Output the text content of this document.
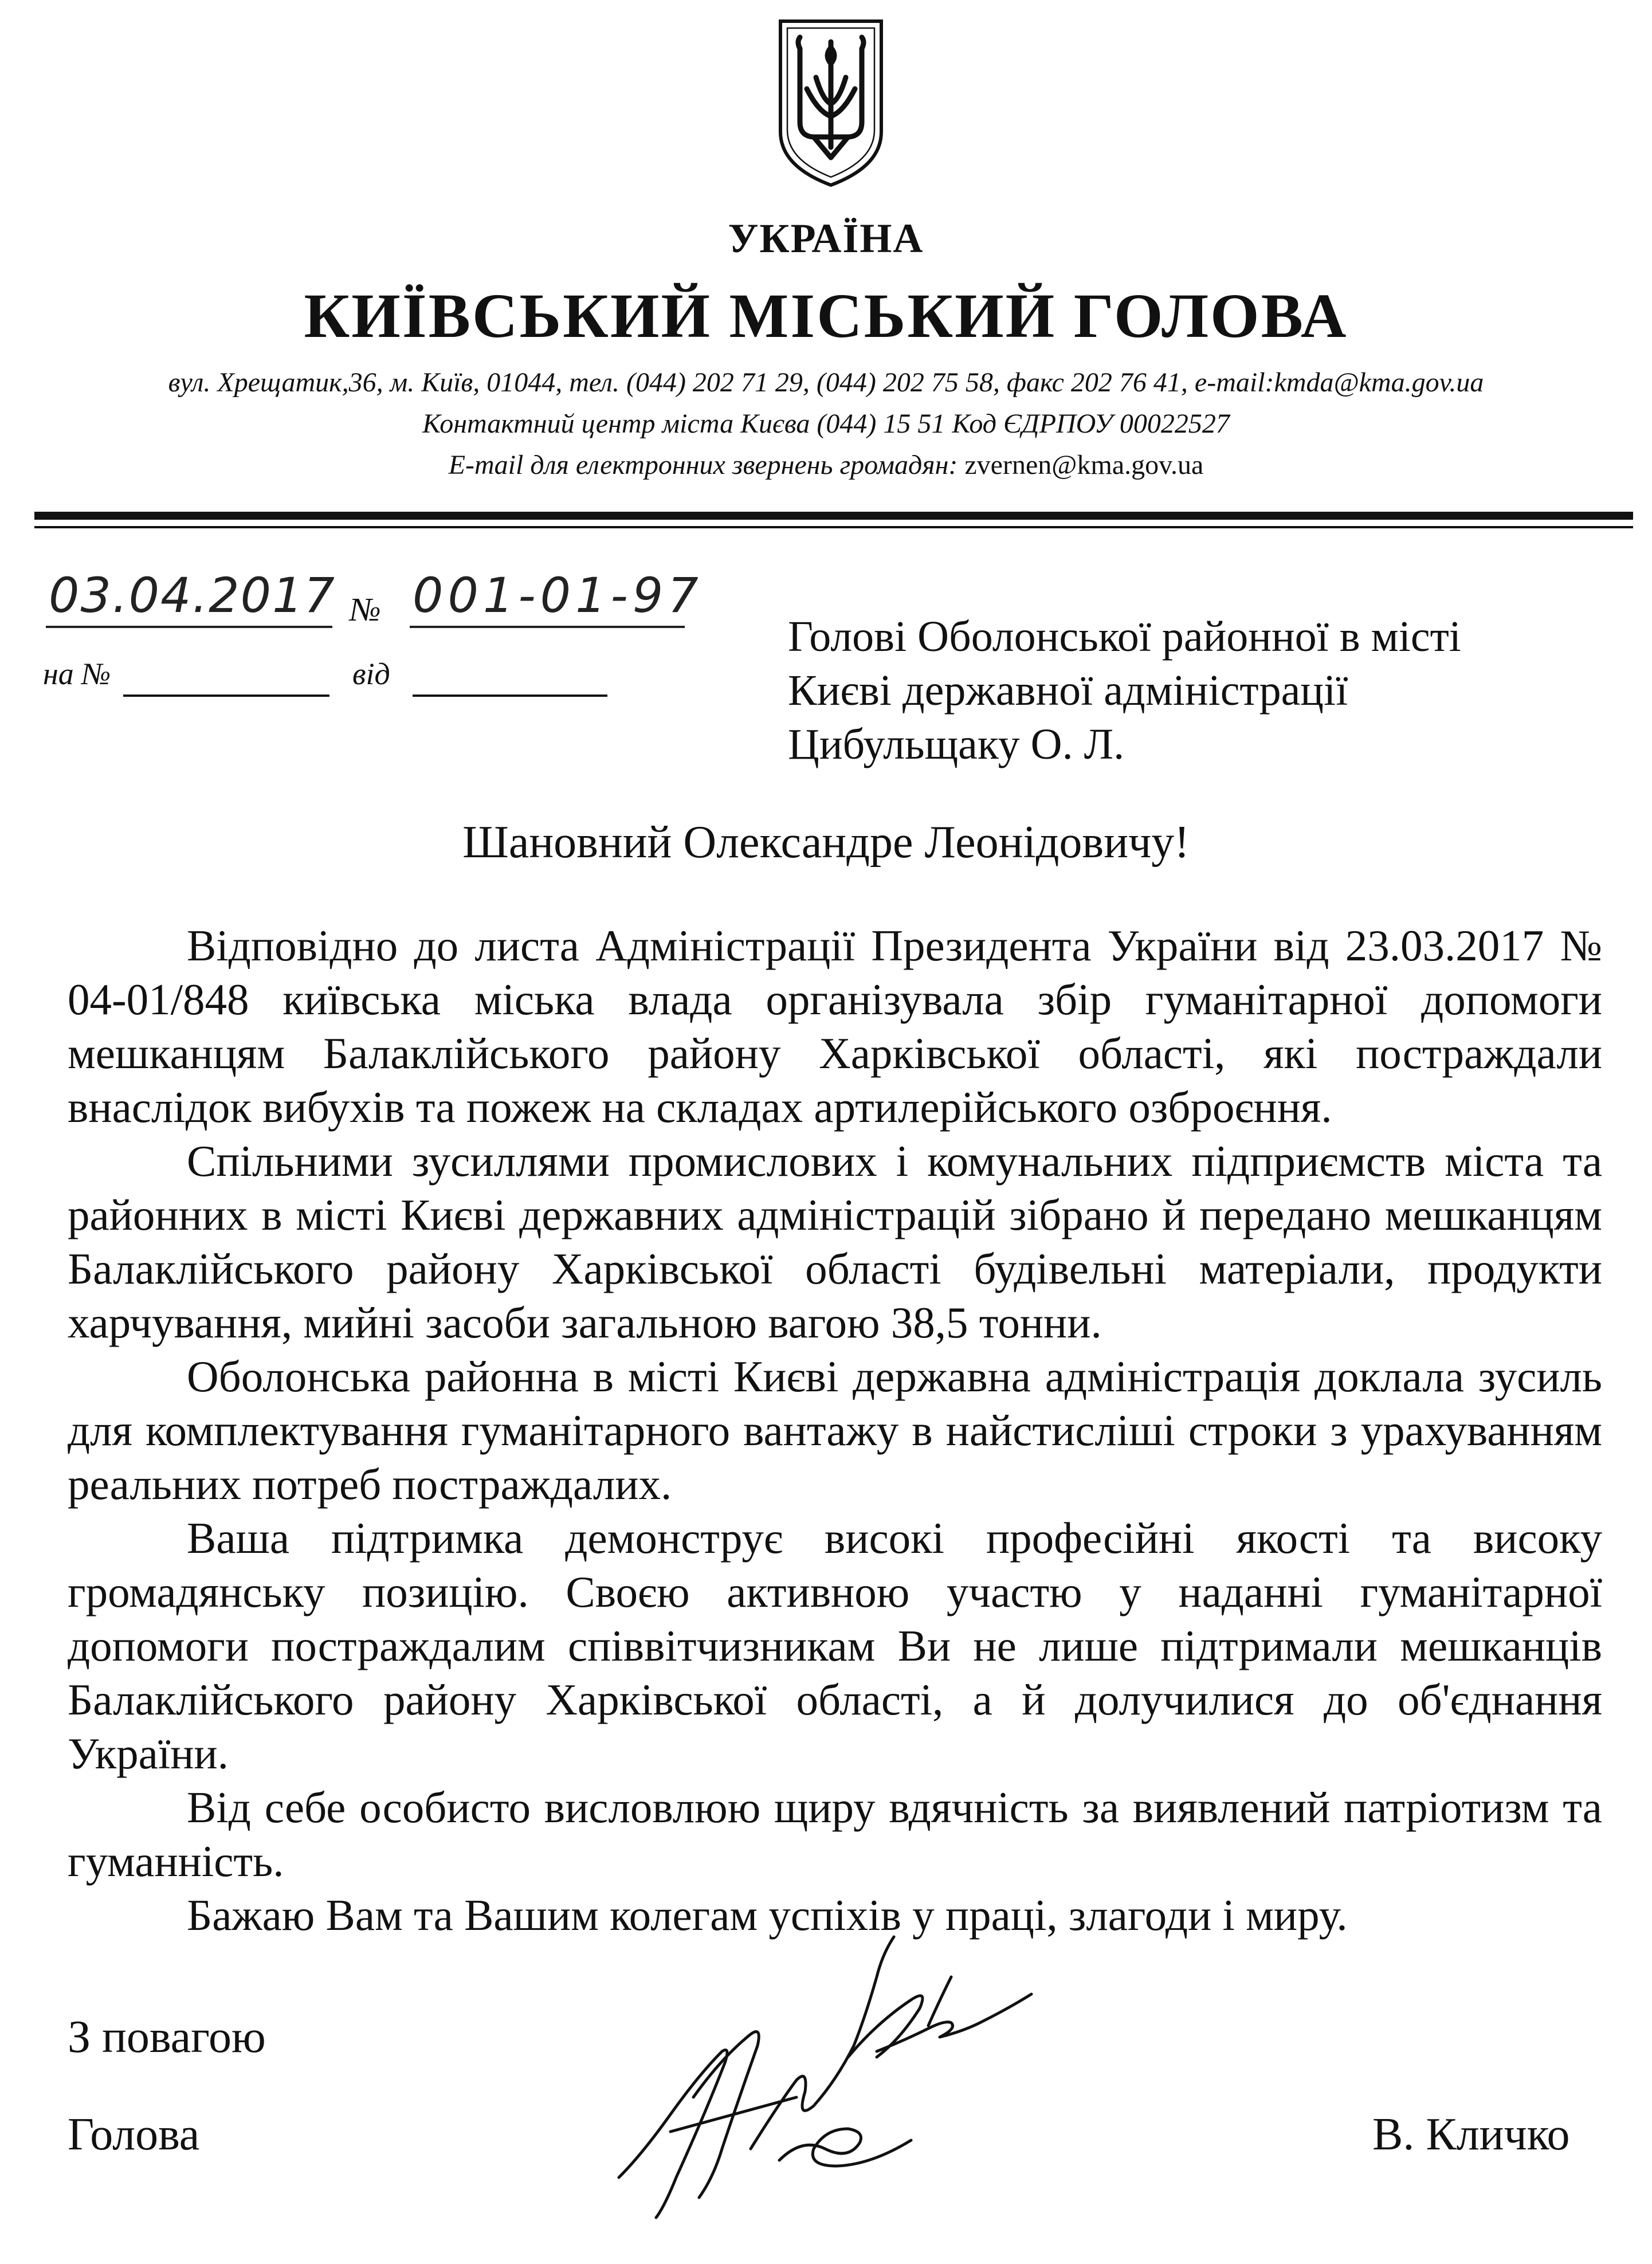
УКРАЇНА
КИЇВСЬКИЙ МІСЬКИЙ ГОЛОВА
вул. Хрещатик,36, м. Київ, 01044, тел. (044) 202 71 29, (044) 202 75 58, факс 202 76 41, e-mail:kmda@kma.gov.ua
Контактний центр міста Києва (044) 15 51 Код ЄДРПОУ 00022527
E-mail для електронних звернень громадян: zvernen@kma.gov.ua
03.04.2017 № 001-01-97
на №	від
Голові Оболонської районної в місті
Києві державної адміністрації
Цибульщаку О. Л.
Шановний Олександре Леонідовичу!

Відповідно до листа Адміністрації Президента України від 23.03.2017 № 04-01/848 київська міська влада організувала збір гуманітарної допомоги мешканцям Балаклійського району Харківської області, які постраждали внаслідок вибухів та пожеж на складах артилерійського озброєння.

Спільними зусиллями промислових і комунальних підприємств міста та районних в місті Києві державних адміністрацій зібрано й передано мешканцям Балаклійського району Харківської області будівельні матеріали, продукти харчування, мийні засоби загальною вагою 38,5 тонни.

Оболонська районна в місті Києві державна адміністрація доклала зусиль для комплектування гуманітарного вантажу в найстисліші строки з урахуванням реальних потреб постраждалих.

Ваша підтримка демонструє високі професійні якості та високу громадянську позицію. Своєю активною участю у наданні гуманітарної допомоги постраждалим співвітчизникам Ви не лише підтримали мешканців Балаклійського району Харківської області, а й долучилися до об'єднання України.

Від себе особисто висловлюю щиру вдячність за виявлений патріотизм та гуманність.

Бажаю Вам та Вашим колегам успіхів у праці, злагоди і миру.

З повагою
Голова	В. Кличко
